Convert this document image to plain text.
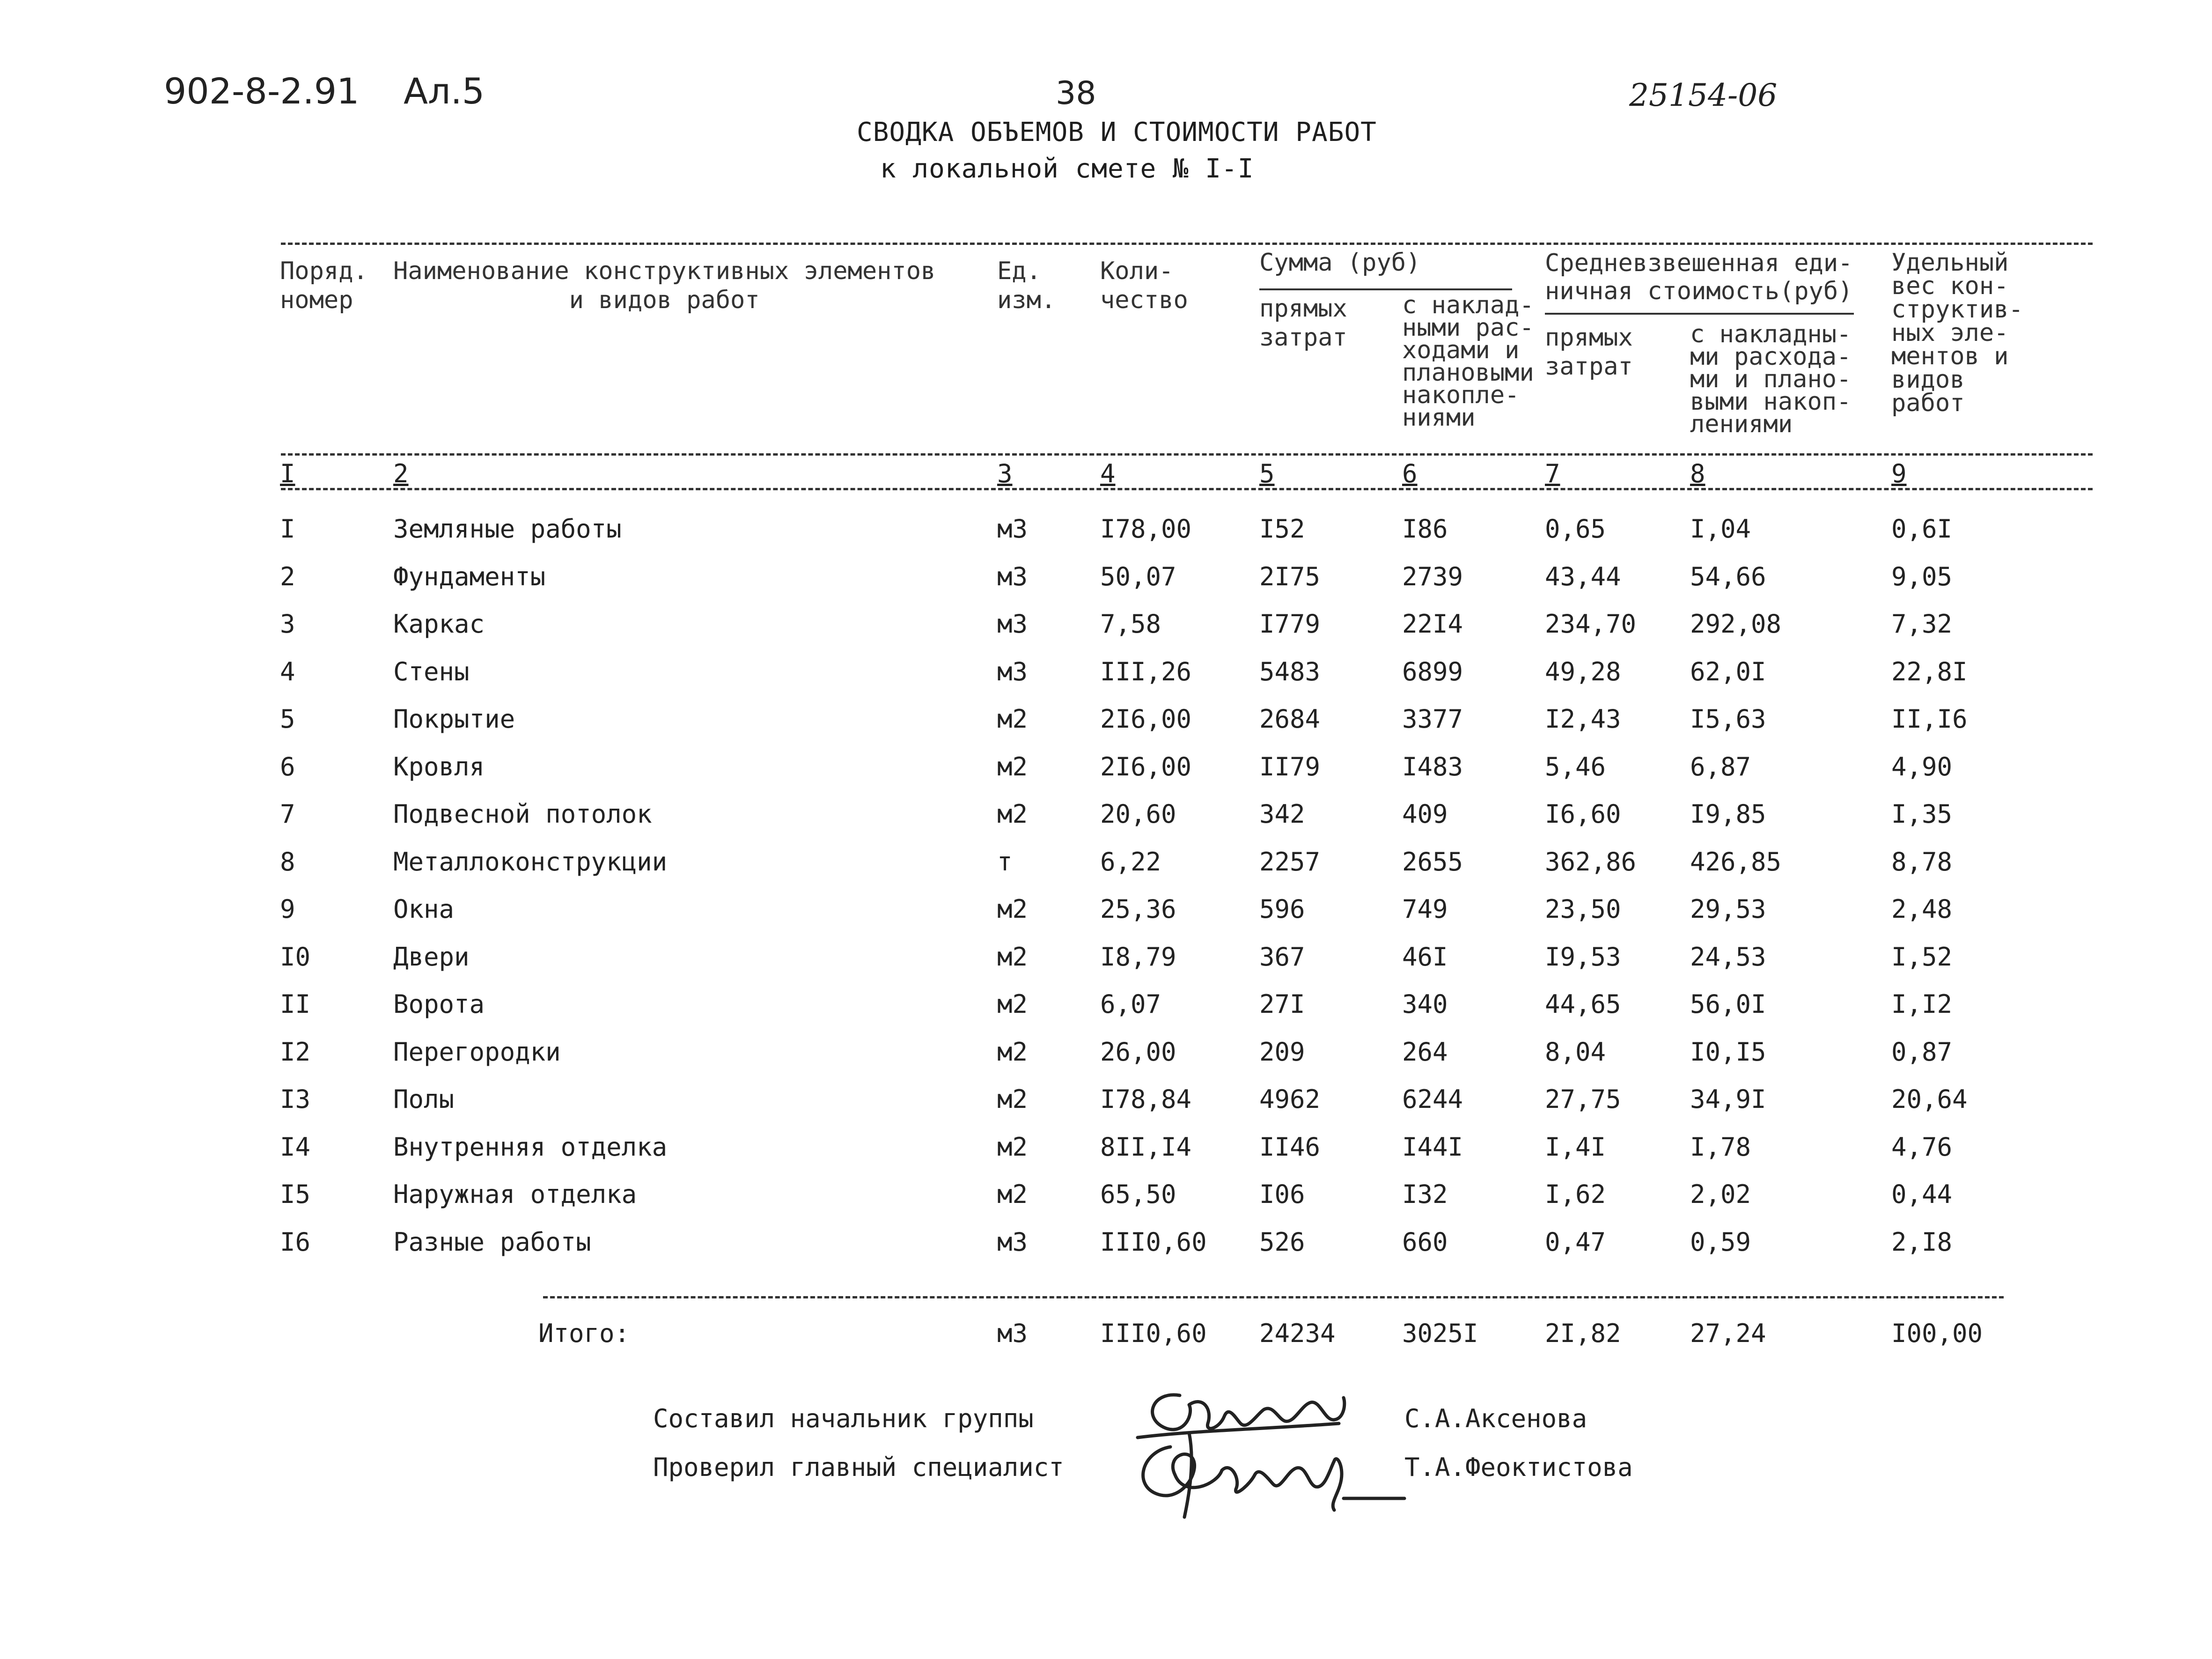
902-8-2.91 Ал.5	38	25154-06
СВОДКА ОБЪЕМОВ И СТОИМОСТИ РАБОТ
к локальной смете № I-I
Поряд.
номер
Наименование конструктивных элементов
и видов работ
Ед.
изм.
Коли-
чество
Сумма (руб)
прямых
затрат
с наклад-
ными рас-
ходами и
плановыми
накопле-
ниями
Средневзвешенная еди-
ничная стоимость(руб)
прямых
затрат
с накладны-
ми расхода-
ми и плано-
выми накоп-
лениями
Удельный
вес кон-
структив-
ных эле-
ментов и
видов
работ
I	2	3	4	5	6	7	8	9
I	Земляные работы	м3	I78,00	I52	I86	0,65	I,04	0,6I
2	Фундаменты	м3	50,07	2I75	2739	43,44	54,66	9,05
3	Каркас	м3	7,58	I779	22I4	234,70 292,08	7,32
4	Стены	м3	III,26	5483	6899	49,28	62,0I	22,8I
5	Покрытие	м2	2I6,00	2684	3377	I2,43	I5,63	II,I6
6	Кровля	м2	2I6,00	II79	I483	5,46	6,87	4,90
7	Подвесной потолок	м2	20,60	342	409	I6,60	I9,85	I,35
8	Металлоконструкции	т	6,22	2257	2655	362,86 426,85	8,78
9	Окна	м2	25,36	596	749	23,50	29,53	2,48
I0	Двери	м2	I8,79	367	46I	I9,53	24,53	I,52
II	Ворота	м2	6,07	27I	340	44,65	56,0I	I,I2
I2	Перегородки	м2	26,00	209	264	8,04	I0,I5	0,87
I3	Полы	м2	I78,84	4962	6244	27,75	34,9I	20,64
I4	Внутренняя отделка	м2	8II,I4	II46	I44I	I,4I	I,78	4,76
I5	Наружная отделка	м2	65,50	I06	I32	I,62	2,02	0,44
I6	Разные работы	м3	III0,60 526	660	0,47	0,59	2,I8
Итого:	м3	III0,60 24234	3025I	2I,82	27,24	I00,00
Составил начальник группы	С.А.Аксенова
Проверил главный специалист	Т.А.Феоктистова
